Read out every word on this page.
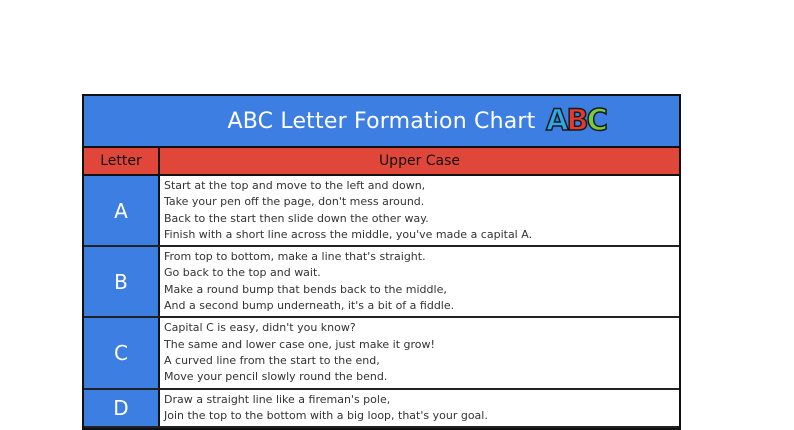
ABC Letter Formation Chart ABC
Letter	Upper Case
A
Start at the top and move to the left and down,
Take your pen off the page, don't mess around.
Back to the start then slide down the other way.
Finish with a short line across the middle, you've made a capital A.
B
From top to bottom, make a line that's straight.
Go back to the top and wait.
Make a round bump that bends back to the middle,
And a second bump underneath, it's a bit of a fiddle.
C
Capital C is easy, didn't you know?
The same and lower case one, just make it grow!
A curved line from the start to the end,
Move your pencil slowly round the bend.
D	Draw a straight line like a fireman's pole,
Join the top to the bottom with a big loop, that's your goal.
